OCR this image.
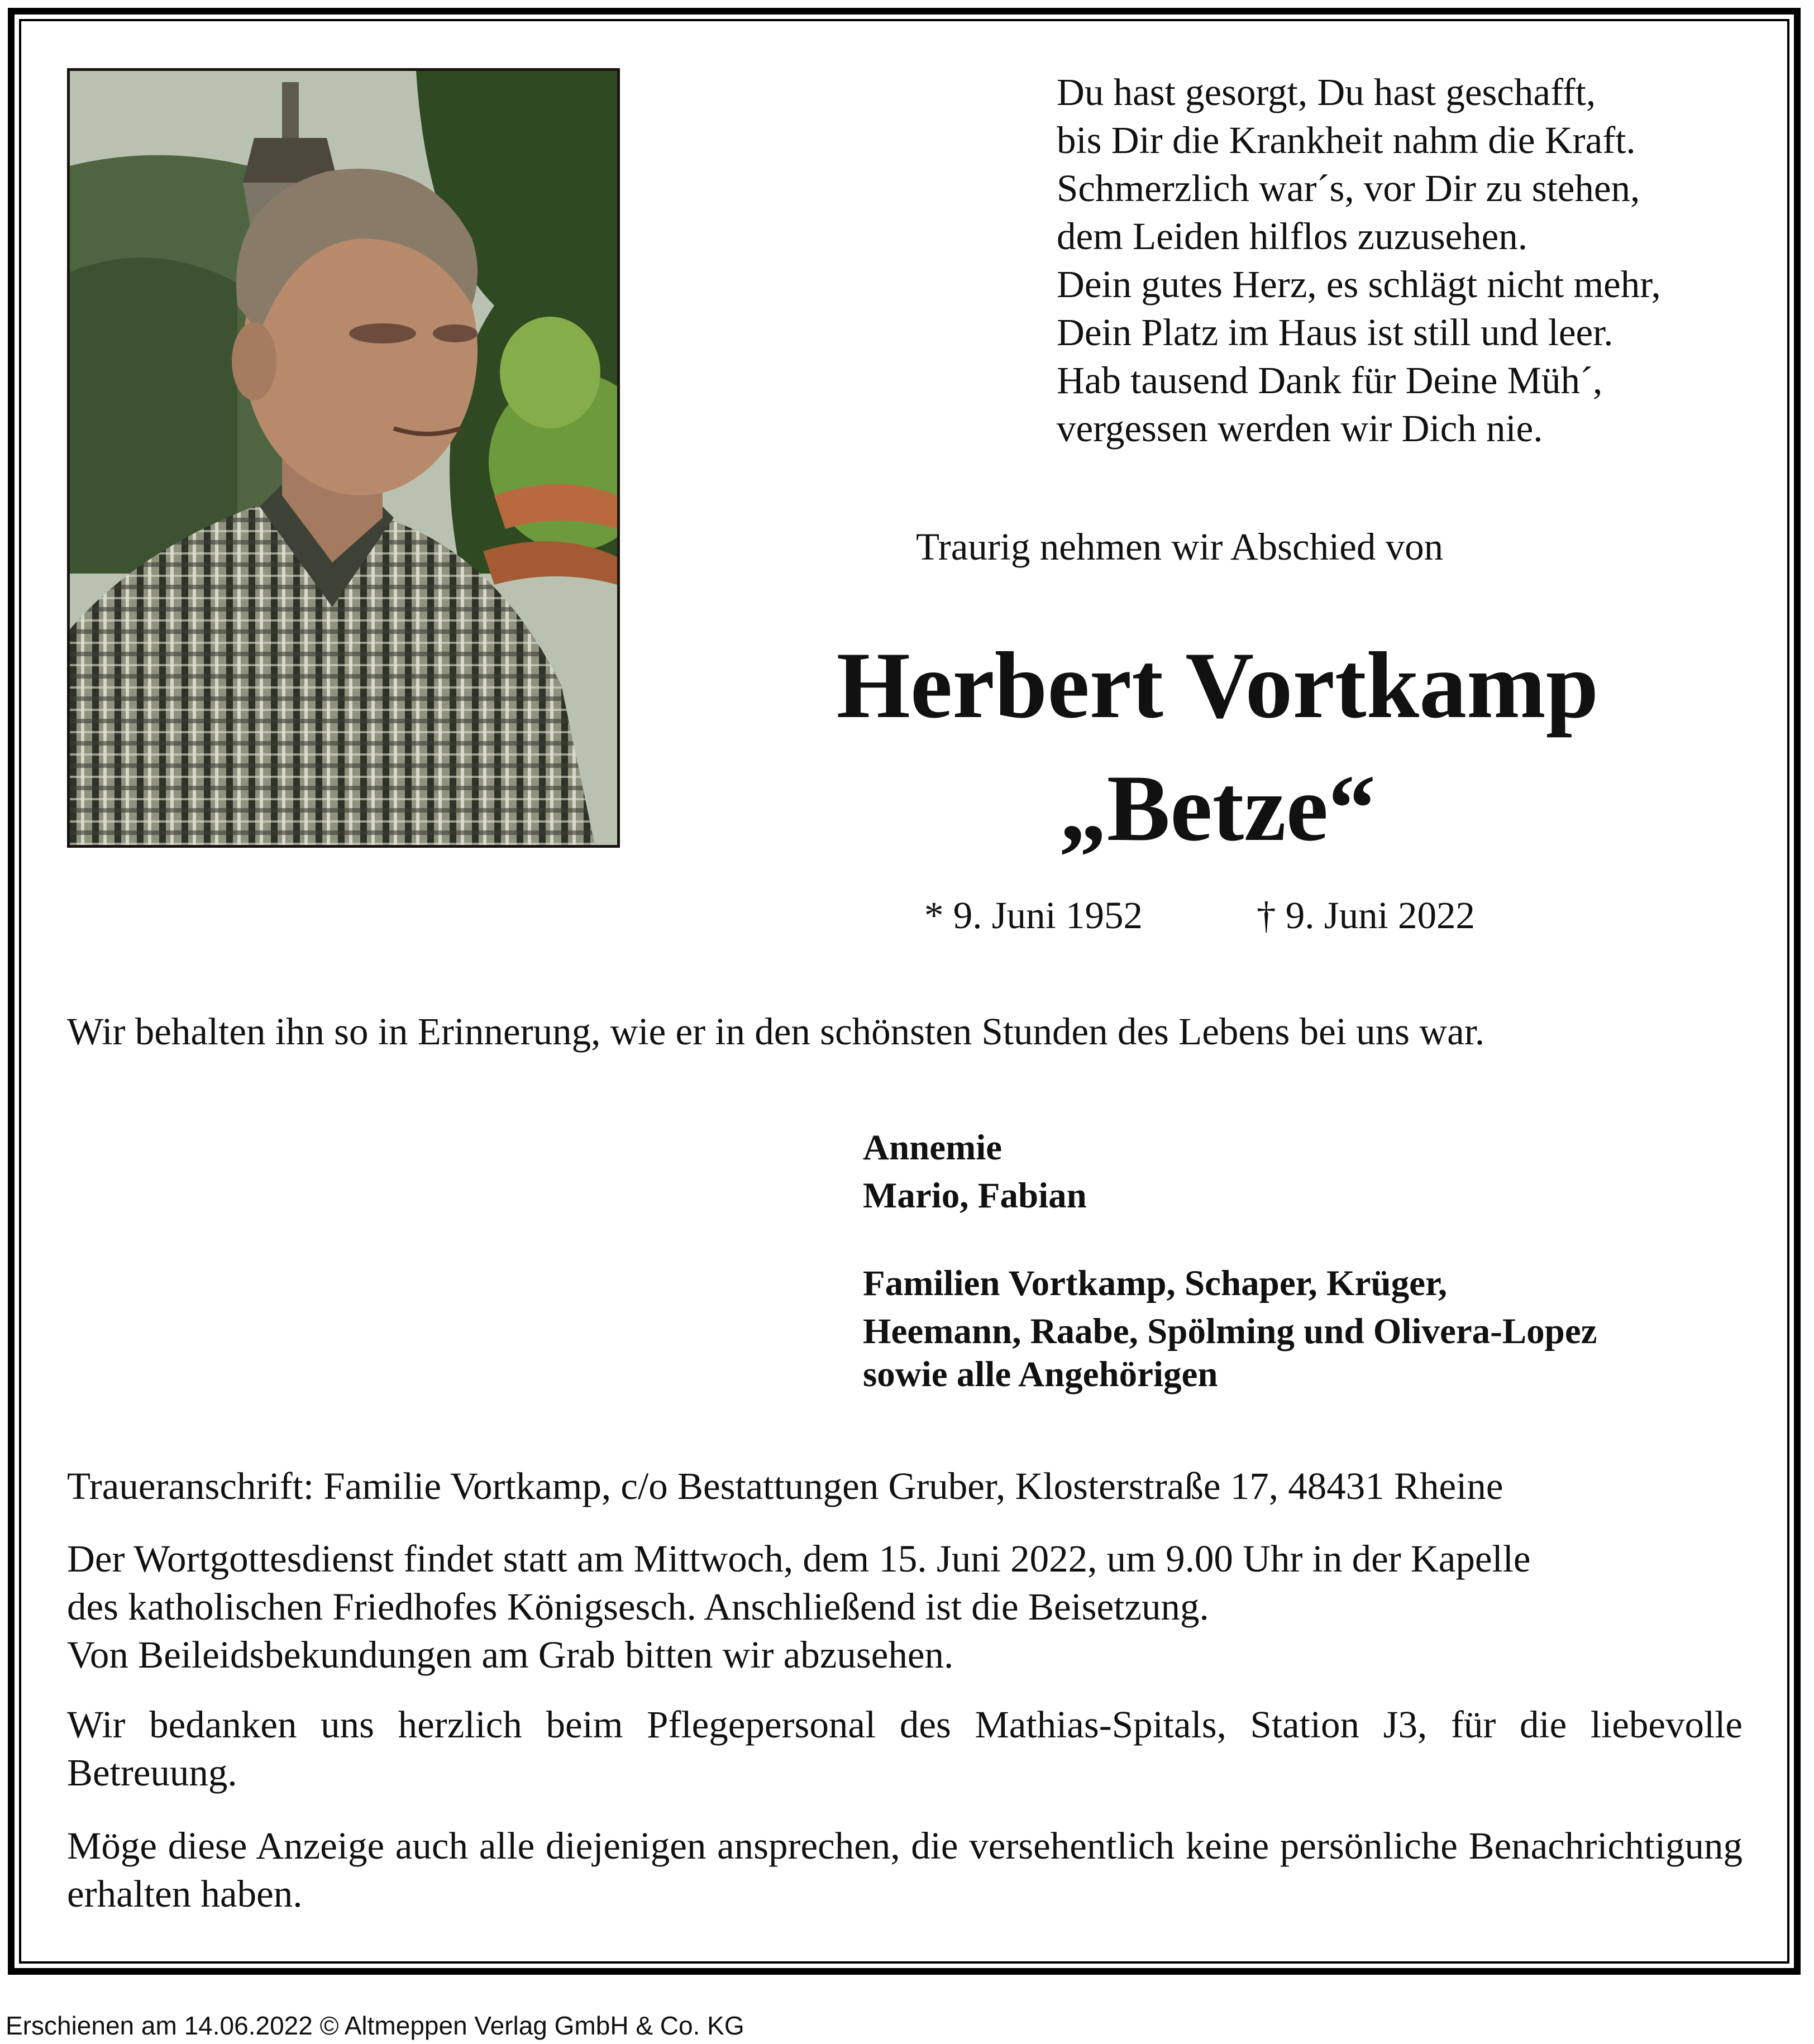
Du hast gesorgt, Du hast geschafft,
bis Dir die Krankheit nahm die Kraft.
Schmerzlich war´s, vor Dir zu stehen,
dem Leiden hilflos zuzusehen.
Dein gutes Herz, es schlägt nicht mehr,
Dein Platz im Haus ist still und leer.
Hab tausend Dank für Deine Müh´,
vergessen werden wir Dich nie.
Traurig nehmen wir Abschied von
Herbert Vortkamp
„Betze“
* 9. Juni 1952	† 9. Juni 2022
Wir behalten ihn so in Erinnerung, wie er in den schönsten Stunden des Lebens bei uns war.
Annemie
Mario, Fabian
Familien Vortkamp, Schaper, Krüger,
Heemann, Raabe, Spölming und Olivera-Lopez
sowie alle Angehörigen
Traueranschrift: Familie Vortkamp, c/o Bestattungen Gruber, Klosterstraße 17, 48431 Rheine
Der Wortgottesdienst findet statt am Mittwoch, dem 15. Juni 2022, um 9.00 Uhr in der Kapelle
des katholischen Friedhofes Königsesch. Anschließend ist die Beisetzung.
Von Beileidsbekundungen am Grab bitten wir abzusehen.
Wir bedanken uns herzlich beim Pflegepersonal des Mathias-Spitals, Station J3, für die liebevolle Betreuung.
Möge diese Anzeige auch alle diejenigen ansprechen, die versehentlich keine persönliche Benachrichtigung erhalten haben.
Erschienen am 14.06.2022 © Altmeppen Verlag GmbH & Co. KG
